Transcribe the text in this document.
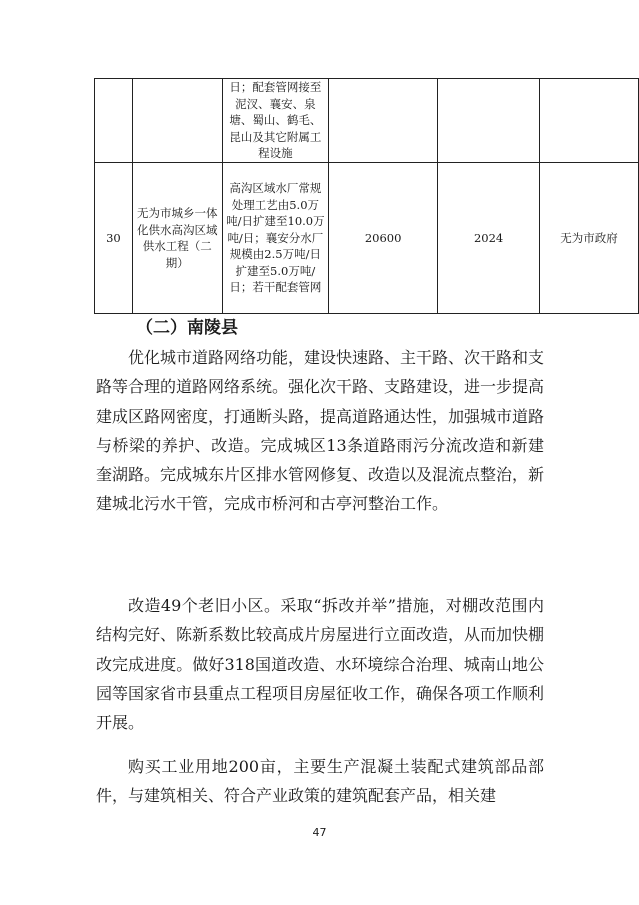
		日；配套管网接至泥汊、襄安、泉塘、蜀山、鹤毛、昆山及其它附属工程设施			
30	无为市城乡一体化供水高沟区域供水工程（二期）	高沟区域水厂常规处理工艺由5.0万吨/日扩建至10.0万吨/日；襄安分水厂规模由2.5万吨/日扩建至5.0万吨/日；若干配套管网	20600	2024	无为市政府
（二）南陵县

优化城市道路网络功能，建设快速路、主干路、次干路和支路等合理的道路网络系统。强化次干路、支路建设，进一步提高建成区路网密度，打通断头路，提高道路通达性，加强城市道路与桥梁的养护、改造。完成城区13条道路雨污分流改造和新建奎湖路。完成城东片区排水管网修复、改造以及混流点整治，新建城北污水干管，完成市桥河和古亭河整治工作。

改造49个老旧小区。采取“拆改并举”措施，对棚改范围内结构完好、陈新系数比较高成片房屋进行立面改造，从而加快棚改完成进度。做好318国道改造、水环境综合治理、城南山地公园等国家省市县重点工程项目房屋征收工作，确保各项工作顺利开展。

购买工业用地200亩，主要生产混凝土装配式建筑部品部件，与建筑相关、符合产业政策的建筑配套产品，相关建

47
